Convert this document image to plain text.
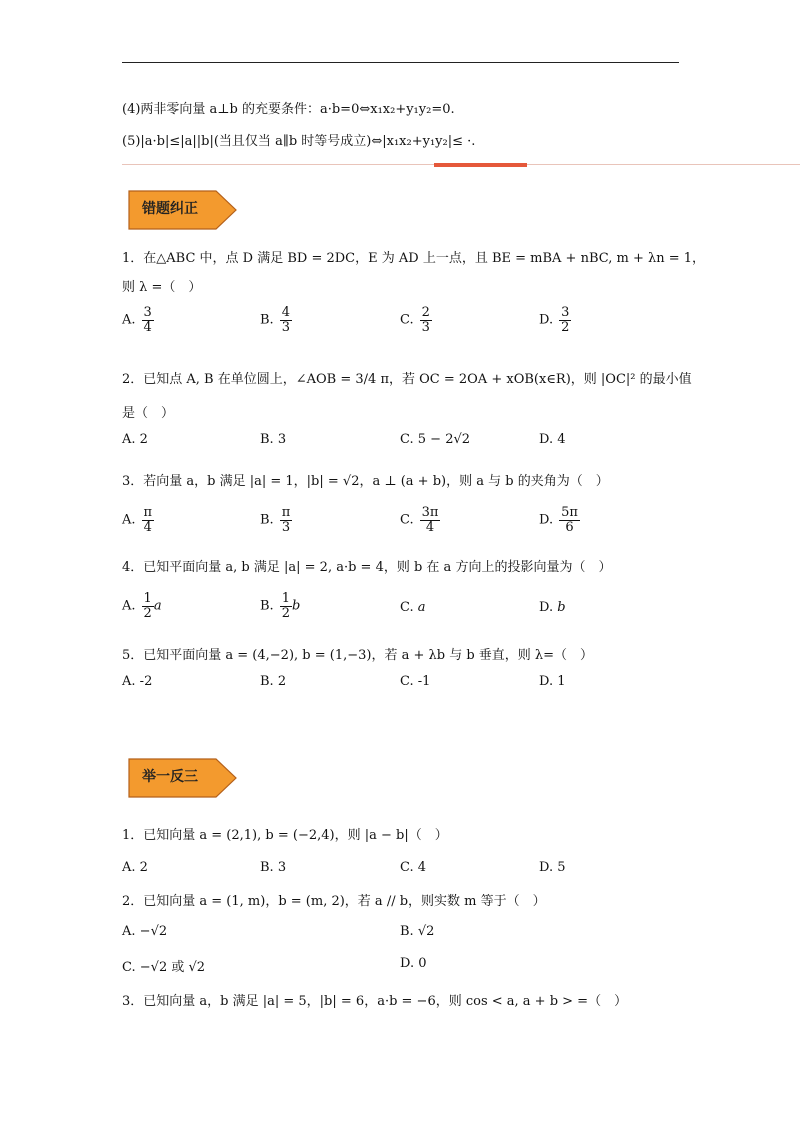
(4)两非零向量 a⊥b 的充要条件：a·b=0⇔x₁x₂+y₁y₂=0.
(5)|a·b|≤|a||b|(当且仅当 a∥b 时等号成立)⇔|x₁x₂+y₁y₂|≤ ·.
错题纠正
1．在△ABC 中，点 D 满足 BD = 2DC，E 为 AD 上一点，且 BE = mBA + nBC, m + λn = 1，
则 λ =（　）
A. $\frac{3}{4}$	B. $\frac{4}{3}$	C. $\frac{2}{3}$	D. $\frac{3}{2}$
2．已知点 A, B 在单位圆上，∠AOB = 3/4 π，若 OC = 2OA + xOB(x∈R)，则 |OC|² 的最小值
是（　）
A. 2	B. 3	C. 5 − 2√2	D. 4
3．若向量 a，b 满足 |a| = 1，|b| = √2，a ⊥ (a + b)，则 a 与 b 的夹角为（　）
A. $\frac{\pi}{4}$	B. $\frac{\pi}{3}$	C. $\frac{3\pi}{4}$	D. $\frac{5\pi}{6}$
4．已知平面向量 a, b 满足 |a| = 2, a·b = 4，则 b 在 a 方向上的投影向量为（　）
A. $\frac{1}{2}$ a	B. $\frac{1}{2}$ b	C. a	D. b
5．已知平面向量 a = (4,−2), b = (1,−3)，若 a + λb 与 b 垂直，则 λ=（　）
A. -2	B. 2	C. -1	D. 1
举一反三
1．已知向量 a = (2,1), b = (−2,4)，则 |a − b|（　）
A. 2	B. 3	C. 4	D. 5
2．已知向量 a = (1, m)，b = (m, 2)，若 a // b，则实数 m 等于（　）
A. −√2	B. √2
C. −√2 或 √2	D. 0
3．已知向量 a，b 满足 |a| = 5，|b| = 6，a·b = −6，则 cos < a, a + b > =（　）
